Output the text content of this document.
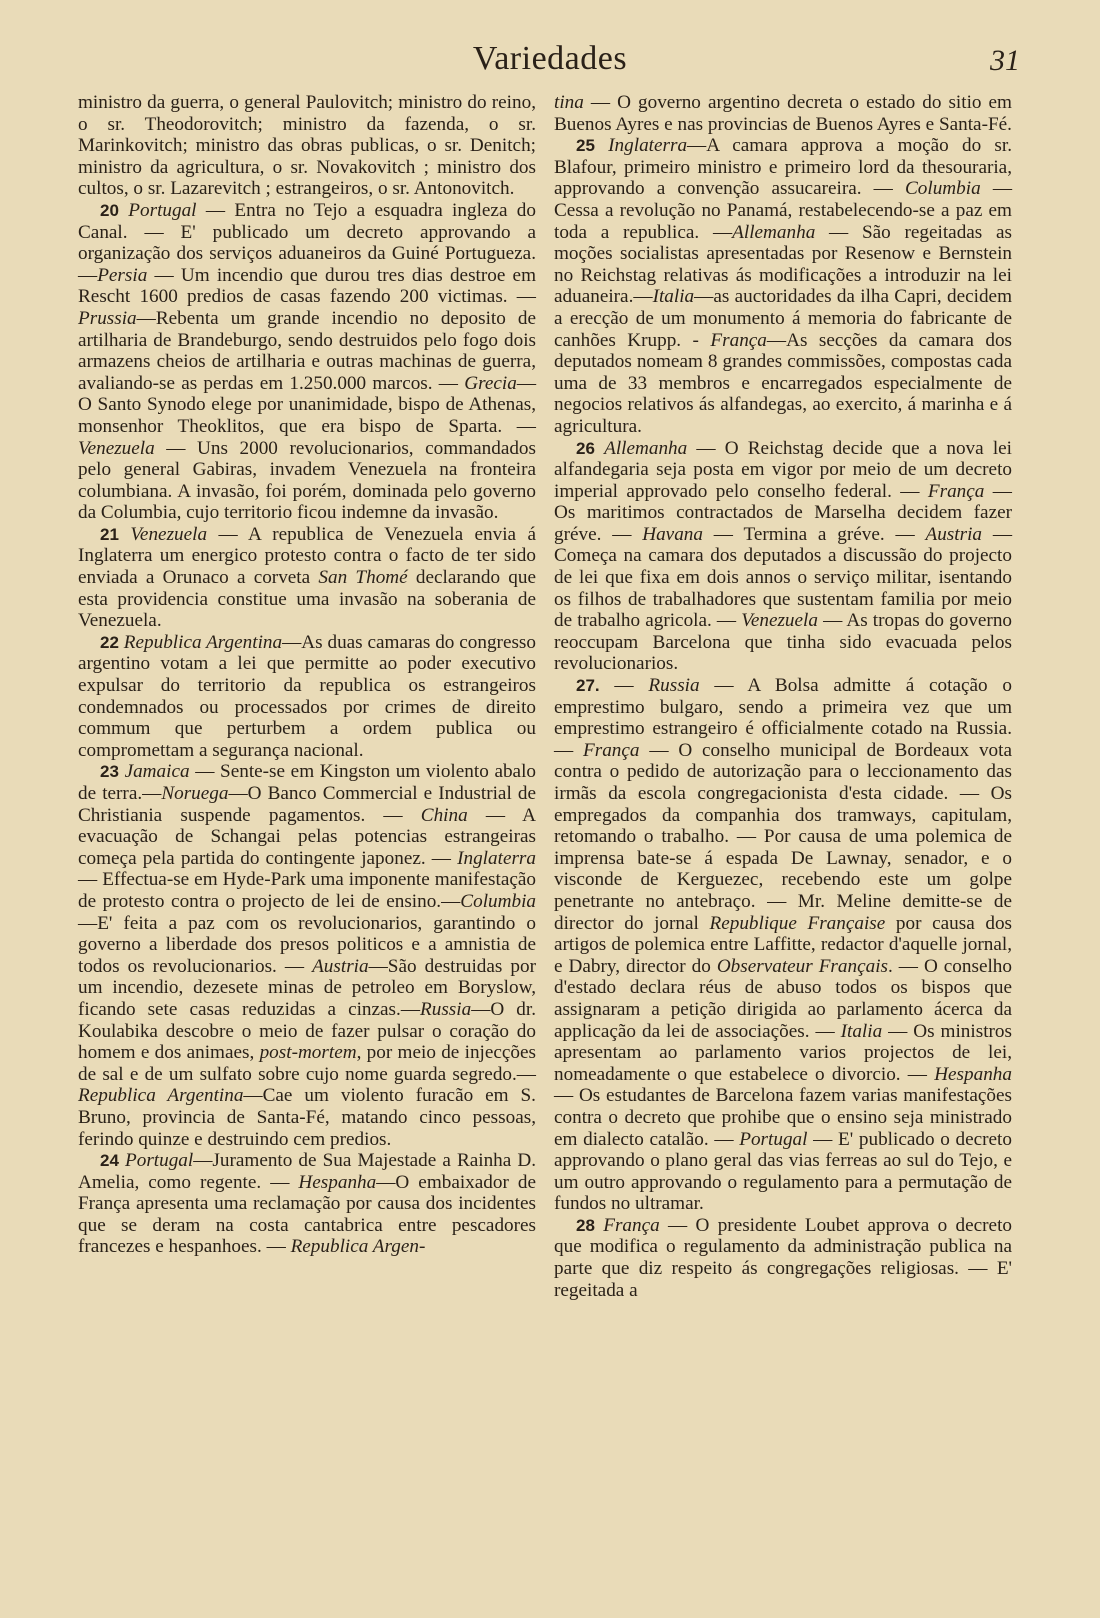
Variedades	31

ministro da guerra, o general Paulovitch; ministro do reino, o sr. Theodorovitch; ministro da fazenda, o sr. Marinkovitch; ministro das obras publicas, o sr. Denitch; ministro da agricultura, o sr. Novakovitch ; ministro dos cultos, o sr. Lazarevitch ; estrangeiros, o sr. Antonovitch.

20 Portugal — Entra no Tejo a esquadra ingleza do Canal. — E' publicado um decreto approvando a organização dos serviços aduaneiros da Guiné Portugueza.—Persia — Um incendio que durou tres dias destroe em Rescht 1600 predios de casas fazendo 200 victimas. — Prussia—Rebenta um grande incendio no deposito de artilharia de Brandeburgo, sendo destruidos pelo fogo dois armazens cheios de artilharia e outras machinas de guerra, avaliando-se as perdas em 1.250.000 marcos. — Grecia—O Santo Synodo elege por unanimidade, bispo de Athenas, monsenhor Theoklitos, que era bispo de Sparta. — Venezuela — Uns 2000 revolucionarios, commandados pelo general Gabiras, invadem Venezuela na fronteira columbiana. A invasão, foi porém, dominada pelo governo da Columbia, cujo territorio ficou indemne da invasão.

21 Venezuela — A republica de Venezuela envia á Inglaterra um energico protesto contra o facto de ter sido enviada a Orunaco a corveta San Thomé declarando que esta providencia constitue uma invasão na soberania de Venezuela.

22 Republica Argentina—As duas camaras do congresso argentino votam a lei que permitte ao poder executivo expulsar do territorio da republica os estrangeiros condemnados ou processados por crimes de direito commum que perturbem a ordem publica ou compromettam a segurança nacional.

23 Jamaica — Sente-se em Kingston um violento abalo de terra.—Noruega—O Banco Commercial e Industrial de Christiania suspende pagamentos. — China — A evacuação de Schangai pelas potencias estrangeiras começa pela partida do contingente japonez. — Inglaterra — Effectua-se em Hyde-Park uma imponente manifestação de protesto contra o projecto de lei de ensino.—Columbia—E' feita a paz com os revolucionarios, garantindo o governo a liberdade dos presos politicos e a amnistia de todos os revolucionarios. — Austria—São destruidas por um incendio, dezesete minas de petroleo em Boryslow, ficando sete casas reduzidas a cinzas.—Russia—O dr. Koulabika descobre o meio de fazer pulsar o coração do homem e dos animaes, post-mortem, por meio de injecções de sal e de um sulfato sobre cujo nome guarda segredo.—Republica Argentina—Cae um violento furacão em S. Bruno, provincia de Santa-Fé, matando cinco pessoas, ferindo quinze e destruindo cem predios.

24 Portugal—Juramento de Sua Majestade a Rainha D. Amelia, como regente. — Hespanha—O embaixador de França apresenta uma reclamação por causa dos incidentes que se deram na costa cantabrica entre pescadores francezes e hespanhoes. — Republica Argen-

tina — O governo argentino decreta o estado do sitio em Buenos Ayres e nas provincias de Buenos Ayres e Santa-Fé.

25 Inglaterra—A camara approva a moção do sr. Blafour, primeiro ministro e primeiro lord da thesouraria, approvando a convenção assucareira. — Columbia — Cessa a revolução no Panamá, restabelecendo-se a paz em toda a republica. —Allemanha — São regeitadas as moções socialistas apresentadas por Resenow e Bernstein no Reichstag relativas ás modificações a introduzir na lei aduaneira.—Italia—as auctoridades da ilha Capri, decidem a erecção de um monumento á memoria do fabricante de canhões Krupp. - França—As secções da camara dos deputados nomeam 8 grandes commissões, compostas cada uma de 33 membros e encarregados especialmente de negocios relativos ás alfandegas, ao exercito, á marinha e á agricultura.

26 Allemanha — O Reichstag decide que a nova lei alfandegaria seja posta em vigor por meio de um decreto imperial approvado pelo conselho federal. — França — Os maritimos contractados de Marselha decidem fazer gréve. — Havana — Termina a gréve. — Austria — Começa na camara dos deputados a discussão do projecto de lei que fixa em dois annos o serviço militar, isentando os filhos de trabalhadores que sustentam familia por meio de trabalho agricola. — Venezuela — As tropas do governo reoccupam Barcelona que tinha sido evacuada pelos revolucionarios.

27. — Russia — A Bolsa admitte á cotação o emprestimo bulgaro, sendo a primeira vez que um emprestimo estrangeiro é officialmente cotado na Russia. — França — O conselho municipal de Bordeaux vota contra o pedido de autorização para o leccionamento das irmãs da escola congregacionista d'esta cidade. — Os empregados da companhia dos tramways, capitulam, retomando o trabalho. — Por causa de uma polemica de imprensa bate-se á espada De Lawnay, senador, e o visconde de Kerguezec, recebendo este um golpe penetrante no antebraço. — Mr. Meline demitte-se de director do jornal Republique Française por causa dos artigos de polemica entre Laffitte, redactor d'aquelle jornal, e Dabry, director do Observateur Français. — O conselho d'estado declara réus de abuso todos os bispos que assignaram a petição dirigida ao parlamento ácerca da applicação da lei de associações. — Italia — Os ministros apresentam ao parlamento varios projectos de lei, nomeadamente o que estabelece o divorcio. — Hespanha — Os estudantes de Barcelona fazem varias manifestações contra o decreto que prohibe que o ensino seja ministrado em dialecto catalão. — Portugal — E' publicado o decreto approvando o plano geral das vias ferreas ao sul do Tejo, e um outro approvando o regulamento para a permutação de fundos no ultramar.

28 França — O presidente Loubet approva o decreto que modifica o regulamento da administração publica na parte que diz respeito ás congregações religiosas. — E' regeitada a
